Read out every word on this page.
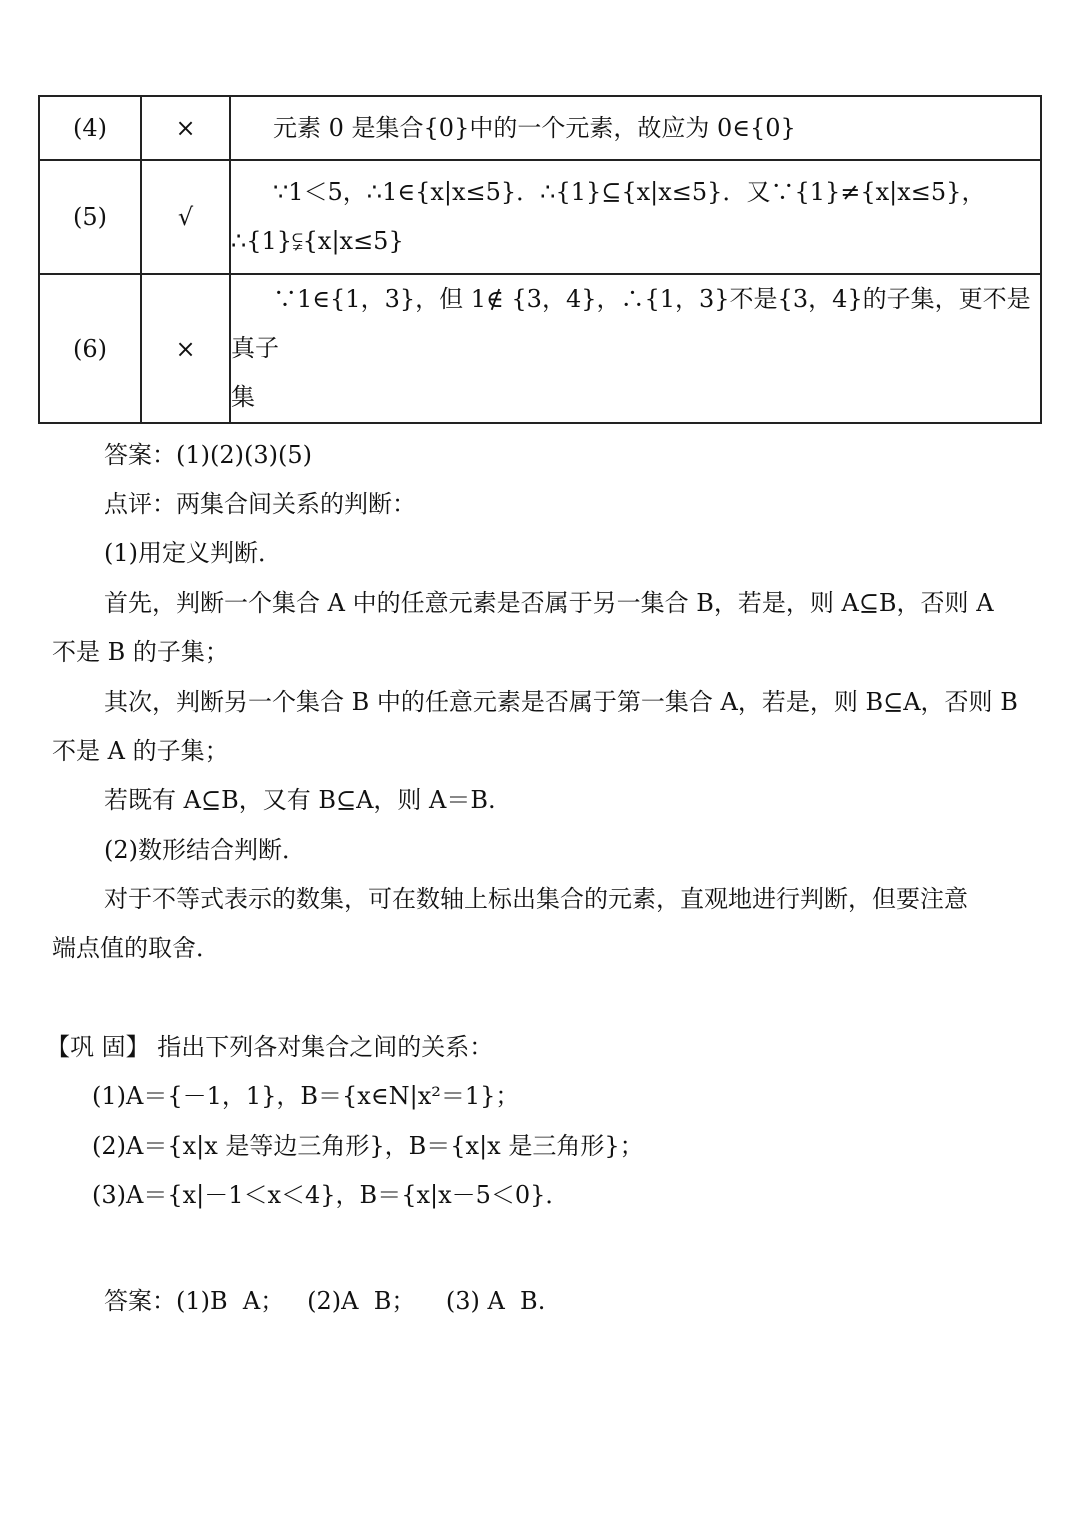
(4)	×	元素 0 是集合{0}中的一个元素，故应为 0∈{0}

(5)	√	∵1＜5，∴1∈{x|x≤5}．∴{1}⊆{x|x≤5}．又∵{1}≠{x|x≤5}，
∴{1}⫋{x|x≤5}

(6)	×	∵1∈{1，3}，但 1∉ {3，4}，∴{1，3}不是{3，4}的子集，更不是真子
集
答案：(1)(2)(3)(5)
点评：两集合间关系的判断：
(1)用定义判断．
首先，判断一个集合 A 中的任意元素是否属于另一集合 B，若是，则 A⊆B，否则 A
不是 B 的子集；
其次，判断另一个集合 B 中的任意元素是否属于第一集合 A，若是，则 B⊆A，否则 B
不是 A 的子集；
若既有 A⊆B，又有 B⊆A，则 A＝B.
(2)数形结合判断．
对于不等式表示的数集，可在数轴上标出集合的元素，直观地进行判断，但要注意
端点值的取舍．
【巩 固】 指出下列各对集合之间的关系：
(1)A＝{－1，1}，B＝{x∈N|x²＝1}；
(2)A＝{x|x 是等边三角形}，B＝{x|x 是三角形}；
(3)A＝{x|－1＜x＜4}，B＝{x|x－5＜0}．
答案：(1)B  A；   (2)A  B；    (3) A  B.
